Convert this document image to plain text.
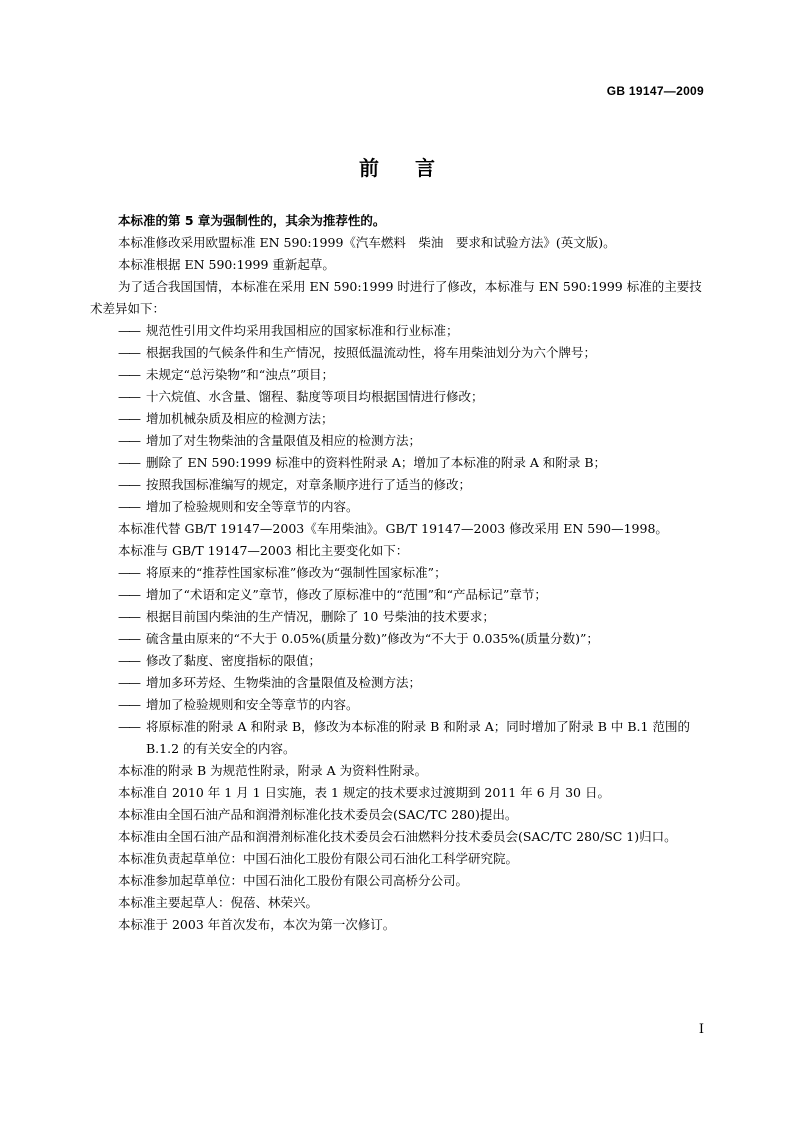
GB 19147—2009
前言

本标准的第 5 章为强制性的，其余为推荐性的。

本标准修改采用欧盟标准 EN 590:1999《汽车燃料　柴油　要求和试验方法》(英文版)。

本标准根据 EN 590:1999 重新起草。

为了适合我国国情，本标准在采用 EN 590:1999 时进行了修改，本标准与 EN 590:1999 标准的主要技术差异如下：

—— 规范性引用文件均采用我国相应的国家标准和行业标准；

—— 根据我国的气候条件和生产情况，按照低温流动性，将车用柴油划分为六个牌号；

—— 未规定“总污染物”和“浊点”项目；

—— 十六烷值、水含量、馏程、黏度等项目均根据国情进行修改；

—— 增加机械杂质及相应的检测方法；

—— 增加了对生物柴油的含量限值及相应的检测方法；

—— 删除了 EN 590:1999 标准中的资料性附录 A；增加了本标准的附录 A 和附录 B；

—— 按照我国标准编写的规定，对章条顺序进行了适当的修改；

—— 增加了检验规则和安全等章节的内容。

本标准代替 GB/T 19147—2003《车用柴油》。GB/T 19147—2003 修改采用 EN 590—1998。

本标准与 GB/T 19147—2003 相比主要变化如下：

—— 将原来的“推荐性国家标准”修改为“强制性国家标准”；

—— 增加了“术语和定义”章节，修改了原标准中的“范围”和“产品标记”章节；

—— 根据目前国内柴油的生产情况，删除了 10 号柴油的技术要求；

—— 硫含量由原来的“不大于 0.05%(质量分数)”修改为“不大于 0.035%(质量分数)”；

—— 修改了黏度、密度指标的限值；

—— 增加多环芳烃、生物柴油的含量限值及检测方法；

—— 增加了检验规则和安全等章节的内容。

—— 将原标准的附录 A 和附录 B，修改为本标准的附录 B 和附录 A；同时增加了附录 B 中 B.1 范围的 B.1.2 的有关安全的内容。

本标准的附录 B 为规范性附录，附录 A 为资料性附录。

本标准自 2010 年 1 月 1 日实施，表 1 规定的技术要求过渡期到 2011 年 6 月 30 日。

本标准由全国石油产品和润滑剂标准化技术委员会(SAC/TC 280)提出。

本标准由全国石油产品和润滑剂标准化技术委员会石油燃料分技术委员会(SAC/TC 280/SC 1)归口。

本标准负责起草单位：中国石油化工股份有限公司石油化工科学研究院。

本标准参加起草单位：中国石油化工股份有限公司高桥分公司。

本标准主要起草人：倪蓓、林荣兴。

本标准于 2003 年首次发布，本次为第一次修订。

I
